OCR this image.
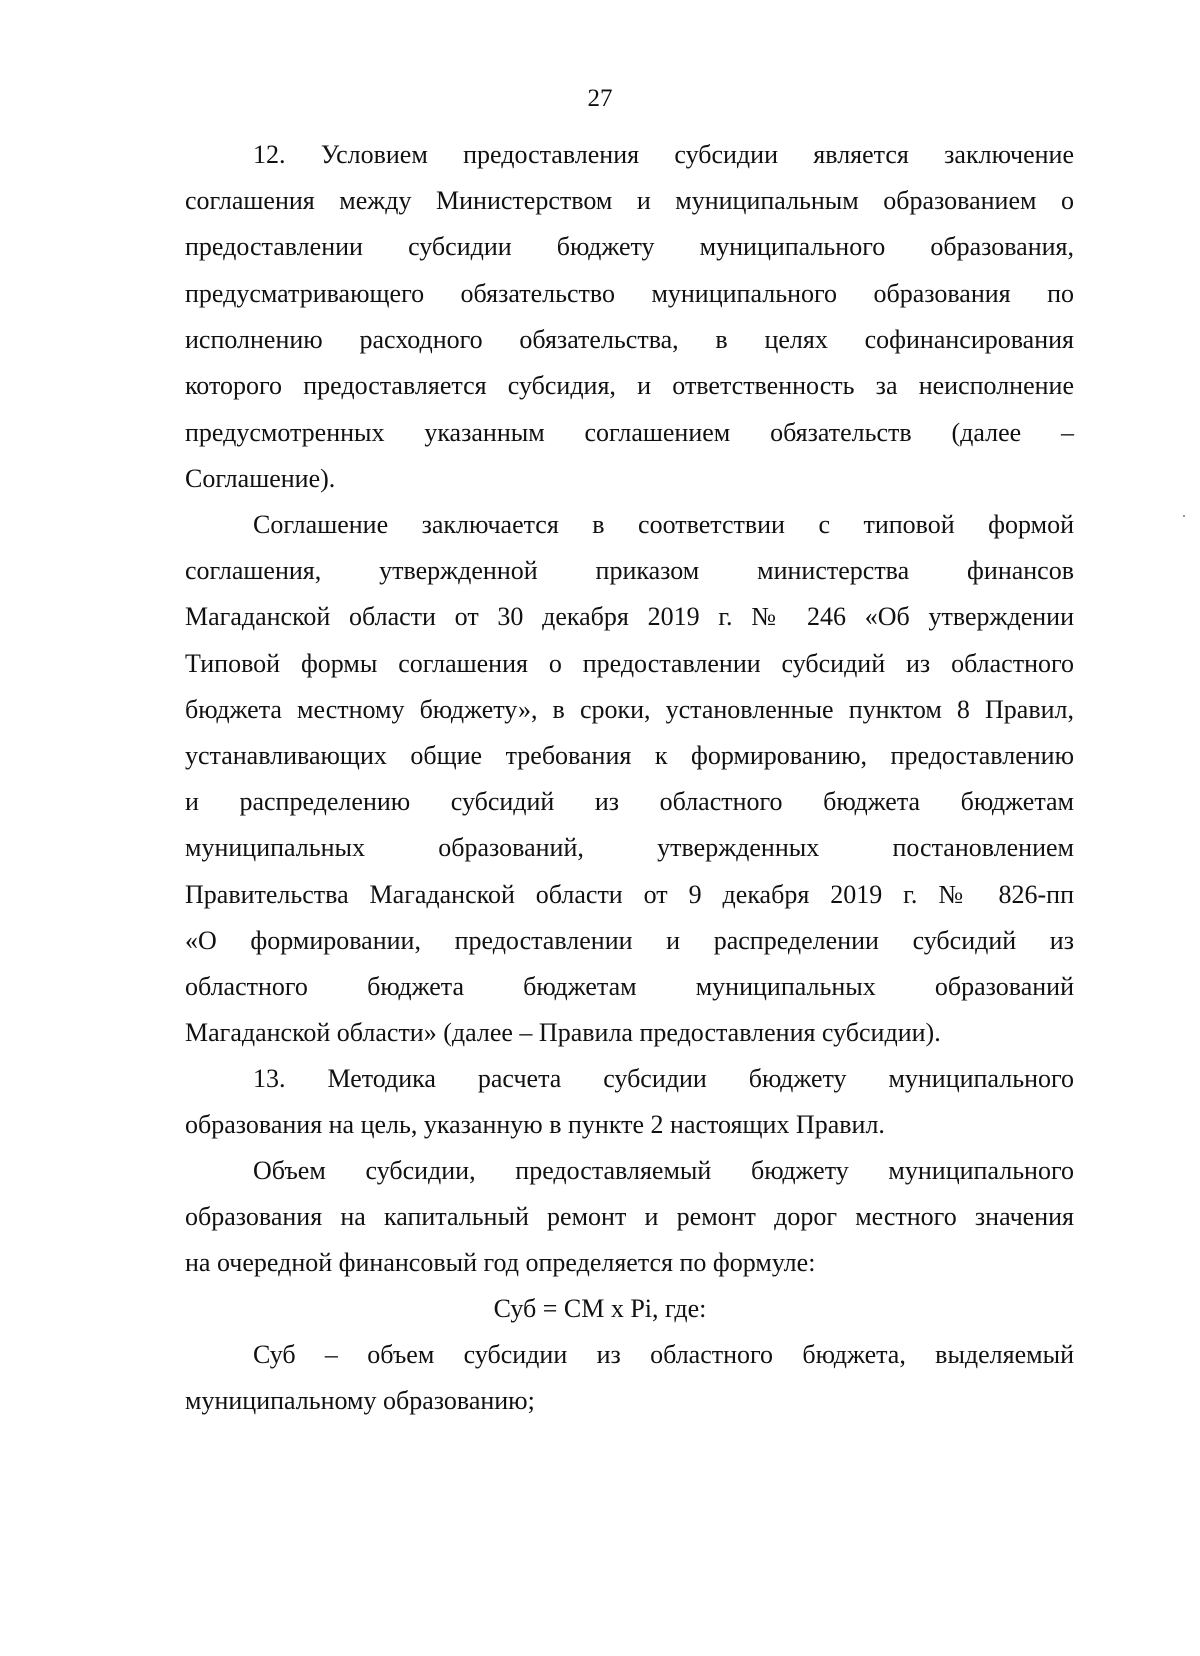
27
12. Условием предоставления субсидии является заключение
соглашения между Министерством и муниципальным образованием о
предоставлении субсидии бюджету муниципального образования,
предусматривающего обязательство муниципального образования по
исполнению расходного обязательства, в целях софинансирования
которого предоставляется субсидия, и ответственность за неисполнение
предусмотренных указанным соглашением обязательств (далее –
Соглашение).
Соглашение заключается в соответствии с типовой формой
соглашения, утвержденной приказом министерства финансов
Магаданской области от 30 декабря 2019 г. № 246 «Об утверждении
Типовой формы соглашения о предоставлении субсидий из областного
бюджета местному бюджету», в сроки, установленные пунктом 8 Правил,
устанавливающих общие требования к формированию, предоставлению
и распределению субсидий из областного бюджета бюджетам
муниципальных образований, утвержденных постановлением
Правительства Магаданской области от 9 декабря 2019 г. № 826-пп
«О формировании, предоставлении и распределении субсидий из
областного бюджета бюджетам муниципальных образований
Магаданской области» (далее – Правила предоставления субсидии).
13. Методика расчета субсидии бюджету муниципального
образования на цель, указанную в пункте 2 настоящих Правил.
Объем субсидии, предоставляемый бюджету муниципального
образования на капитальный ремонт и ремонт дорог местного значения
на очередной финансовый год определяется по формуле:
Суб = СМ х Рi, где:
Суб – объем субсидии из областного бюджета, выделяемый
муниципальному образованию;
